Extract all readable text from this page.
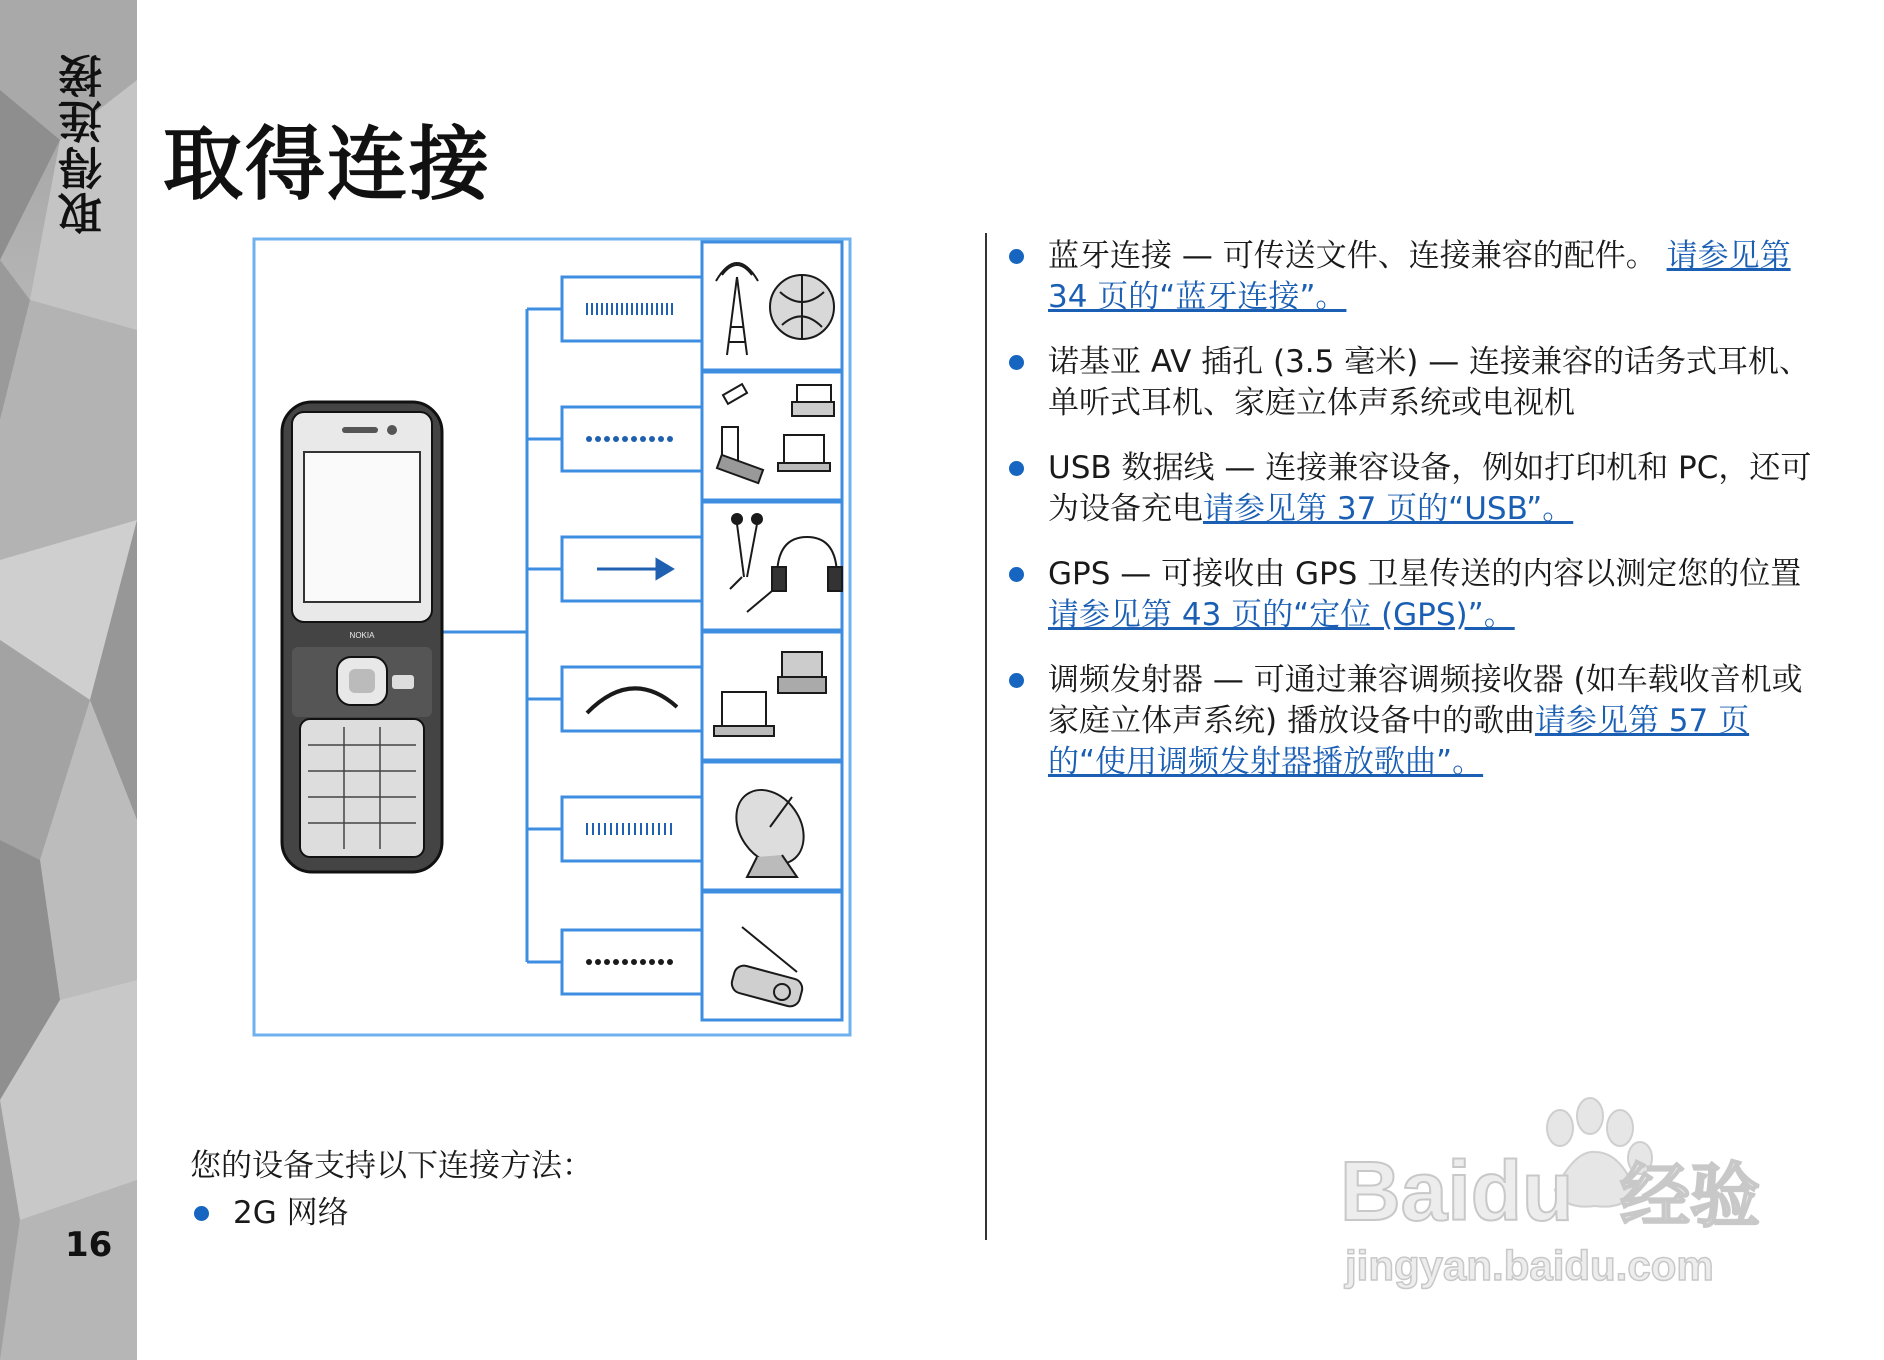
取得连接
16
取得连接
NOKIA
您的设备支持以下连接方法：
2G 网络
蓝牙连接 — 可传送文件、连接兼容的配件。 请参见第 34 页的“蓝牙连接”。
诺基亚 AV 插孔 (3.5 毫米) — 连接兼容的话务式耳机、单听式耳机、家庭立体声系统或电视机
USB 数据线 — 连接兼容设备，例如打印机和 PC，还可为设备充电请参见第 37 页的“USB”。
GPS — 可接收由 GPS 卫星传送的内容以测定您的位置请参见第 43 页的“定位 (GPS)”。
调频发射器 — 可通过兼容调频接收器 (如车载收音机或家庭立体声系统) 播放设备中的歌曲请参见第 57 页的“使用调频发射器播放歌曲”。
Baidu 经验
jingyan.baidu.com
